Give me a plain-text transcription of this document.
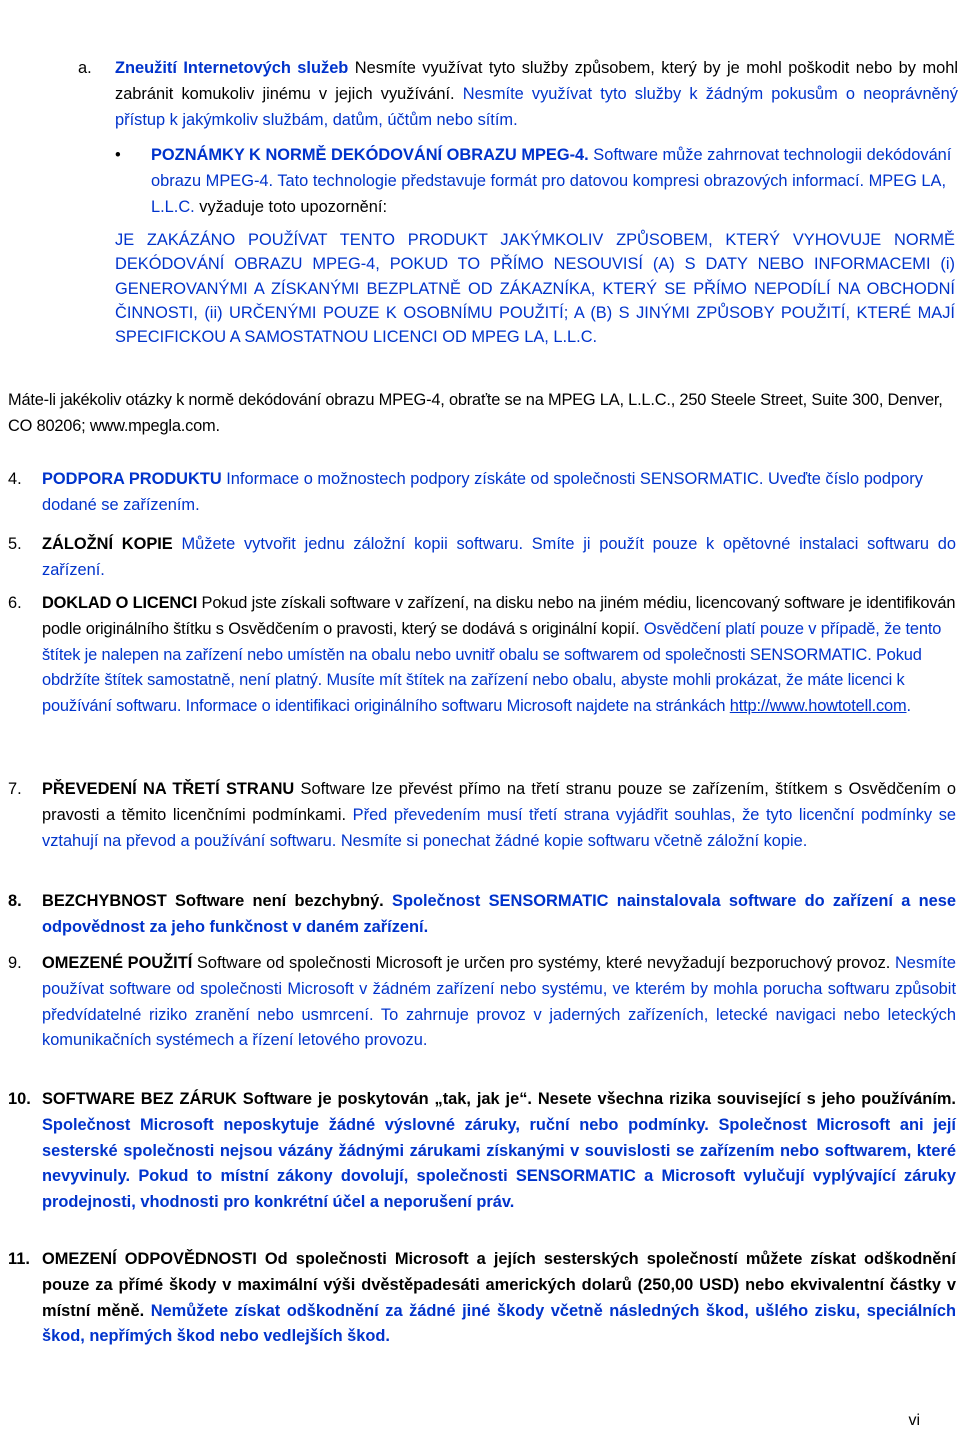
a.	Zneužití Internetových služeb Nesmíte využívat tyto služby způsobem, který by je mohl poškodit nebo by mohl zabránit komukoliv jinému v jejich využívání. Nesmíte využívat tyto služby k žádným pokusům o neoprávněný přístup k jakýmkoliv službám, datům, účtům nebo sítím.
• POZNÁMKY K NORMĚ DEKÓDOVÁNÍ OBRAZU MPEG-4. Software může zahrnovat technologii dekódování obrazu MPEG-4. Tato technologie představuje formát pro datovou kompresi obrazových informací. MPEG LA, L.L.C. vyžaduje toto upozornění:
JE ZAKÁZÁNO POUŽÍVAT TENTO PRODUKT JAKÝMKOLIV ZPŮSOBEM, KTERÝ VYHOVUJE NORMĚ DEKÓDOVÁNÍ OBRAZU MPEG-4, POKUD TO PŘÍMO NESOUVISÍ (A) S DATY NEBO INFORMACEMI (i) GENEROVANÝMI A ZÍSKANÝMI BEZPLATNĚ OD ZÁKAZNÍKA, KTERÝ SE PŘÍMO NEPODÍLÍ NA OBCHODNÍ ČINNOSTI, (ii) URČENÝMI POUZE K OSOBNÍMU POUŽITÍ; A (B) S JINÝMI ZPŮSOBY POUŽITÍ, KTERÉ MAJÍ SPECIFICKOU A SAMOSTATNOU LICENCI OD MPEG LA, L.L.C.
Máte-li jakékoliv otázky k normě dekódování obrazu MPEG-4, obraťte se na MPEG LA, L.L.C., 250 Steele Street, Suite 300, Denver, CO 80206; www.mpegla.com.
4. PODPORA PRODUKTU Informace o možnostech podpory získáte od společnosti SENSORMATIC. Uveďte číslo podpory dodané se zařízením.
5. ZÁLOŽNÍ KOPIE Můžete vytvořit jednu záložní kopii softwaru. Smíte ji použít pouze k opětovné instalaci softwaru do zařízení.
6. DOKLAD O LICENCI Pokud jste získali software v zařízení, na disku nebo na jiném médiu, licencovaný software je identifikován podle originálního štítku s Osvědčením o pravosti, který se dodává s originální kopií. Osvědčení platí pouze v případě, že tento štítek je nalepen na zařízení nebo umístěn na obalu nebo uvnitř obalu se softwarem od společnosti SENSORMATIC. Pokud obdržíte štítek samostatně, není platný. Musíte mít štítek na zařízení nebo obalu, abyste mohli prokázat, že máte licenci k používání softwaru. Informace o identifikaci originálního softwaru Microsoft najdete na stránkách http://www.howtotell.com.
7. PŘEVEDENÍ NA TŘETÍ STRANU Software lze převést přímo na třetí stranu pouze se zařízením, štítkem s Osvědčením o pravosti a těmito licenčními podmínkami. Před převedením musí třetí strana vyjádřit souhlas, že tyto licenční podmínky se vztahují na převod a používání softwaru. Nesmíte si ponechat žádné kopie softwaru včetně záložní kopie.
8. BEZCHYBNOST Software není bezchybný. Společnost SENSORMATIC nainstalovala software do zařízení a nese odpovědnost za jeho funkčnost v daném zařízení.
9. OMEZENÉ POUŽITÍ Software od společnosti Microsoft je určen pro systémy, které nevyžadují bezporuchový provoz. Nesmíte používat software od společnosti Microsoft v žádném zařízení nebo systému, ve kterém by mohla porucha softwaru způsobit předvídatelné riziko zranění nebo usmrcení. To zahrnuje provoz v jaderných zařízeních, letecké navigaci nebo leteckých komunikačních systémech a řízení letového provozu.
10. SOFTWARE BEZ ZÁRUK Software je poskytován „tak, jak je“. Nesete všechna rizika související s jeho používáním. Společnost Microsoft neposkytuje žádné výslovné záruky, ruční nebo podmínky. Společnost Microsoft ani její sesterské společnosti nejsou vázány žádnými zárukami získanými v souvislosti se zařízením nebo softwarem, které nevyvinuly. Pokud to místní zákony dovolují, společnosti SENSORMATIC a Microsoft vylučují vyplývající záruky prodejnosti, vhodnosti pro konkrétní účel a neporušení práv.
11. OMEZENÍ ODPOVĚDNOSTI Od společnosti Microsoft a jejích sesterských společností můžete získat odškodnění pouze za přímé škody v maximální výši dvěstěpadesáti amerických dolarů (250,00 USD) nebo ekvivalentní částky v místní měně. Nemůžete získat odškodnění za žádné jiné škody včetně následných škod, ušlého zisku, speciálních škod, nepřímých škod nebo vedlejších škod.
vi
